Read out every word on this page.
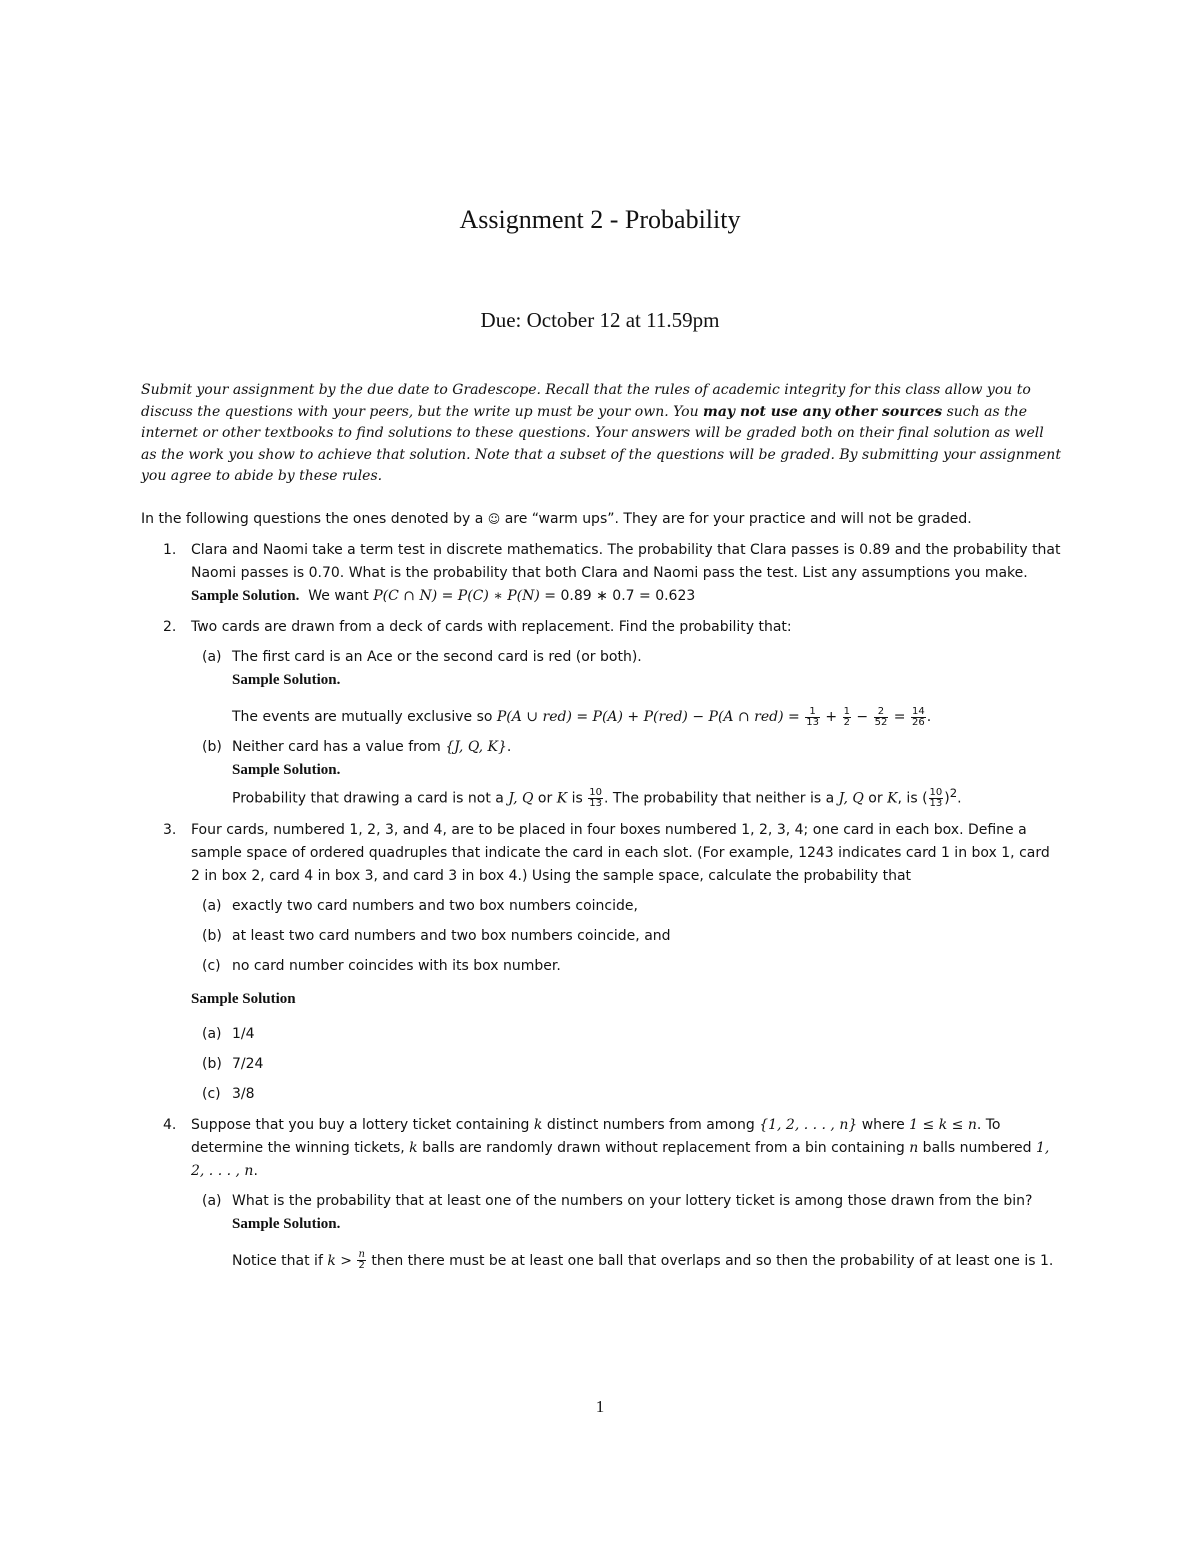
Assignment 2 - Probability
Due: October 12 at 11.59pm
Submit your assignment by the due date to Gradescope. Recall that the rules of academic integrity for this class allow you to discuss the questions with your peers, but the write up must be your own. You may not use any other sources such as the internet or other textbooks to find solutions to these questions. Your answers will be graded both on their final solution as well as the work you show to achieve that solution. Note that a subset of the questions will be graded. By submitting your assignment you agree to abide by these rules.

In the following questions the ones denoted by a ☺ are “warm ups”. They are for your practice and will not be graded.

1. Clara and Naomi take a term test in discrete mathematics. The probability that Clara passes is 0.89 and the probability that Naomi passes is 0.70. What is the probability that both Clara and Naomi pass the test. List any assumptions you make.
Sample Solution. We want P(C ∩ N) = P(C) ∗ P(N) = 0.89 ∗ 0.7 = 0.623
2. Two cards are drawn from a deck of cards with replacement. Find the probability that:
(a) The first card is an Ace or the second card is red (or both).
Sample Solution.
The events are mutually exclusive so P(A ∪ red) = P(A) + P(red) − P(A ∩ $red) = \frac{1}{13} + \frac{1}{2} - \frac{2}{52} = \frac{14}{26}$ .
(b) Neither card has a value from {J, Q, K}.
Sample Solution.
Probability that drawing a card is not a J, Q or K is $\frac{10}{13}$ . The probability that neither is a J, Q or K, is ( $\frac{10}{13} )^2$.
3. Four cards, numbered 1, 2, 3, and 4, are to be placed in four boxes numbered 1, 2, 3, 4; one card in each box. Define a sample space of ordered quadruples that indicate the card in each slot. (For example, 1243 indicates card 1 in box 1, card 2 in box 2, card 4 in box 3, and card 3 in box 4.) Using the sample space, calculate the probability that
(a) exactly two card numbers and two box numbers coincide,
(b) at least two card numbers and two box numbers coincide, and
(c) no card number coincides with its box number.
Sample Solution
(a) 1/4
(b) 7/24
(c) 3/8
4. Suppose that you buy a lottery ticket containing k distinct numbers from among {1, 2, . . . , n} where 1 ≤ k ≤ n. To determine the winning tickets, k balls are randomly drawn without replacement from a bin containing n balls numbered 1, 2, . . . , n.
(a) What is the probability that at least one of the numbers on your lottery ticket is among those drawn from the bin?
Sample Solution.
Notice that if $k > \frac{n}{2}$ then there must be at least one ball that overlaps and so then the probability of at least one is 1.
1
